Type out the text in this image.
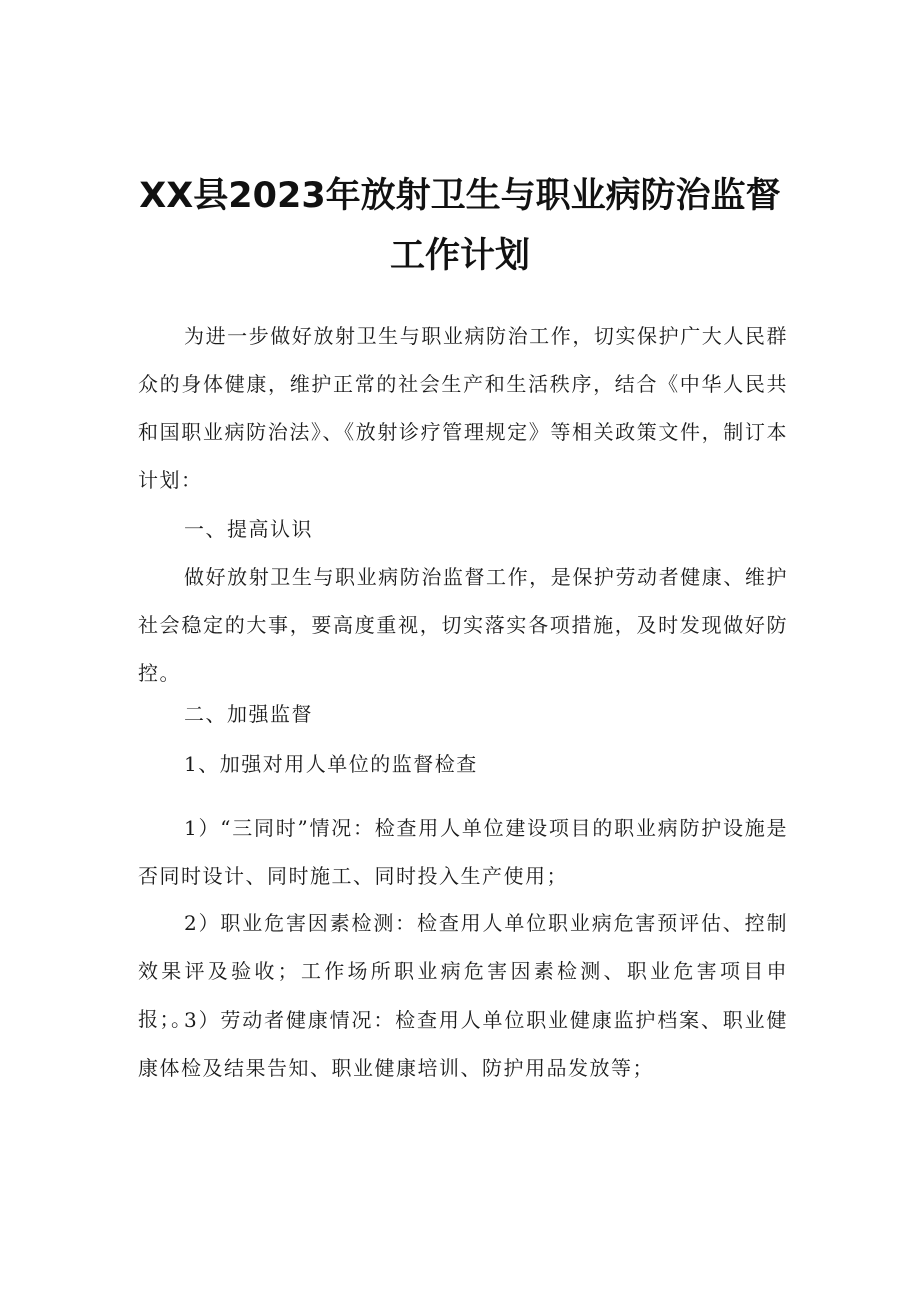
XX县2023年放射卫生与职业病防治监督
工作计划

为进一步做好放射卫生与职业病防治工作，切实保护广大人民群众的身体健康，维护正常的社会生产和生活秩序，结合《中华人民共和国职业病防治法》、《放射诊疗管理规定》等相关政策文件，制订本计划：

一、提高认识

做好放射卫生与职业病防治监督工作，是保护劳动者健康、维护社会稳定的大事，要高度重视，切实落实各项措施，及时发现做好防控。

二、加强监督

1、加强对用人单位的监督检查

1）“三同时”情况：检查用人单位建设项目的职业病防护设施是否同时设计、同时施工、同时投入生产使用；

2）职业危害因素检测：检查用人单位职业病危害预评估、控制效果评及验收；工作场所职业病危害因素检测、职业危害项目申报；。

3）劳动者健康情况：检查用人单位职业健康监护档案、职业健康体检及结果告知、职业健康培训、防护用品发放等；
